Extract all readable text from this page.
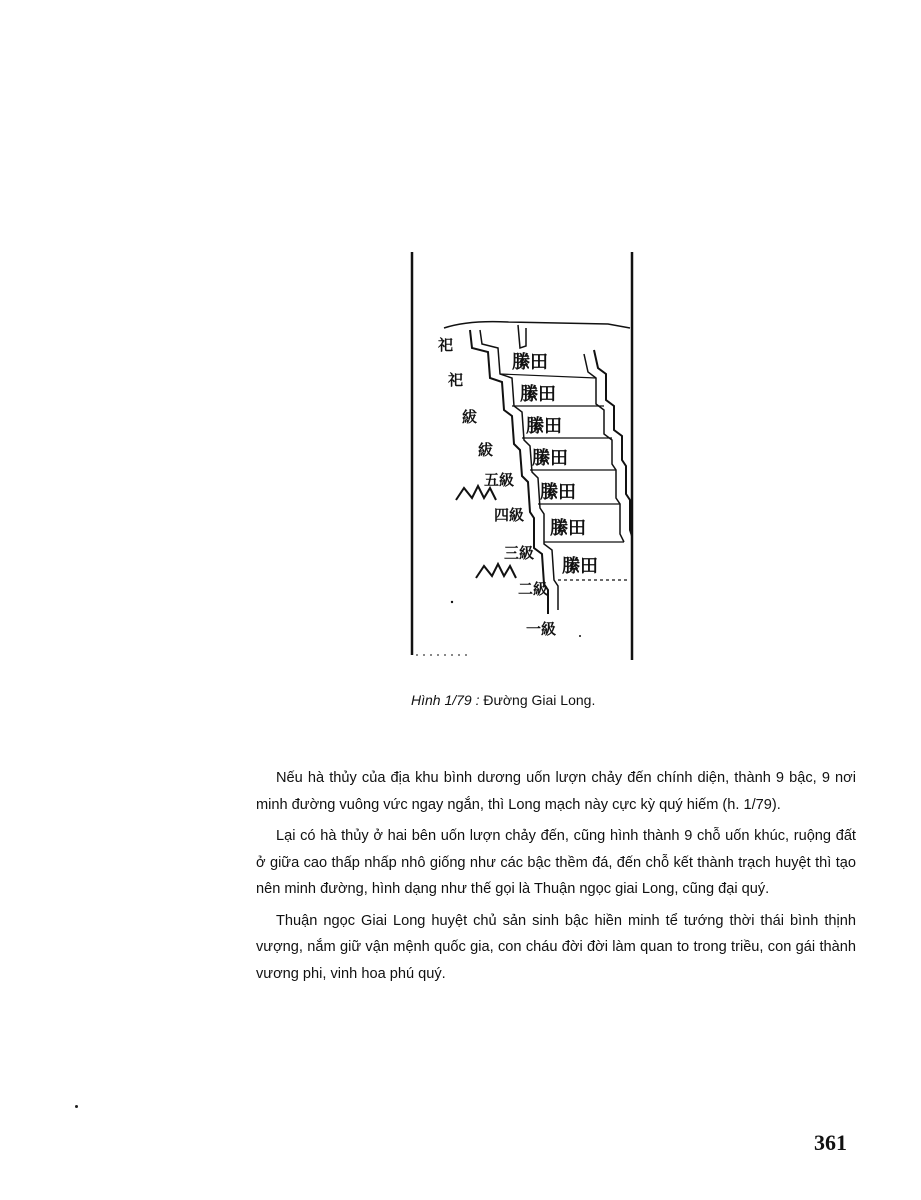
縢田
縢田
縢田
縢田
縢田
縢田
縢田
祀
祀
紱
紱
五級
四級
三級
二級
一級
Hình 1/79 : Đường Giai Long.

Nếu hà thủy của địa khu bình dương uốn lượn chảy đến chính diện, thành 9 bậc, 9 nơi minh đường vuông vức ngay ngắn, thì Long mạch này cực kỳ quý hiếm (h. 1/79).

Lại có hà thủy ở hai bên uốn lượn chảy đến, cũng hình thành 9 chỗ uốn khúc, ruộng đất ở giữa cao thấp nhấp nhô giống như các bậc thềm đá, đến chỗ kết thành trạch huyệt thì tạo nên minh đường, hình dạng như thế gọi là Thuận ngọc giai Long, cũng đại quý.

Thuận ngọc Giai Long huyệt chủ sản sinh bậc hiền minh tể tướng thời thái bình thịnh vượng, nắm giữ vận mệnh quốc gia, con cháu đời đời làm quan to trong triều, con gái thành vương phi, vinh hoa phú quý.

361
